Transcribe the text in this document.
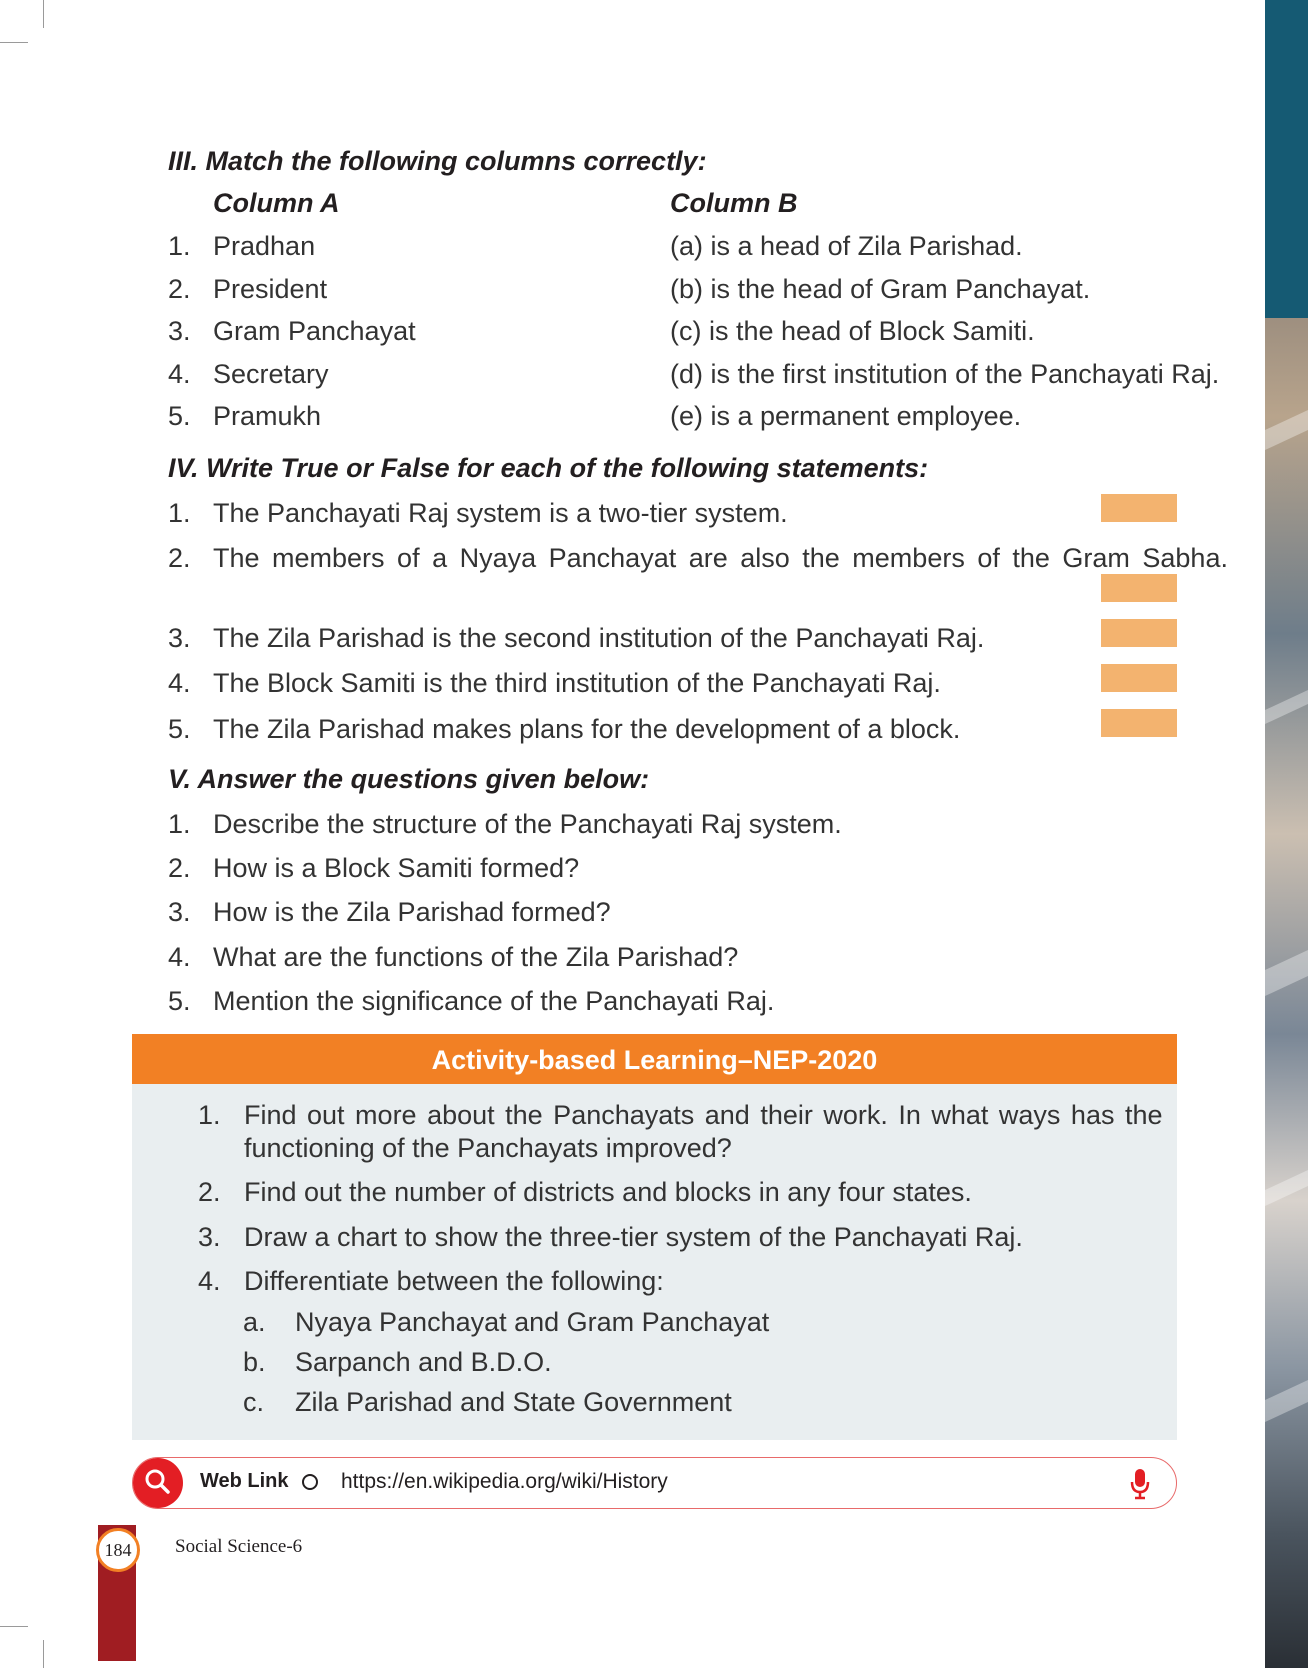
III. Match the following columns correctly:
Column A	Column B
1. Pradhan	(a) is a head of Zila Parishad.
2. President	(b) is the head of Gram Panchayat.
3. Gram Panchayat	(c) is the head of Block Samiti.
4. Secretary	(d) is the first institution of the Panchayati Raj.
5. Pramukh	(e) is a permanent employee.
IV. Write True or False for each of the following statements:
1. The Panchayati Raj system is a two-tier system.
2. The members of a Nyaya Panchayat are also the members of the Gram Sabha.
3. The Zila Parishad is the second institution of the Panchayati Raj.
4. The Block Samiti is the third institution of the Panchayati Raj.
5. The Zila Parishad makes plans for the development of a block.
V. Answer the questions given below:
1. Describe the structure of the Panchayati Raj system.
2. How is a Block Samiti formed?
3. How is the Zila Parishad formed?
4. What are the functions of the Zila Parishad?
5. Mention the significance of the Panchayati Raj.
Activity-based Learning–NEP-2020
1. Find out more about the Panchayats and their work. In what ways has the
functioning of the Panchayats improved?
2. Find out the number of districts and blocks in any four states.
3. Draw a chart to show the three-tier system of the Panchayati Raj.
4. Differentiate between the following:
a. Nyaya Panchayat and Gram Panchayat
b. Sarpanch and B.D.O.
c. Zila Parishad and State Government
Web Link https://en.wikipedia.org/wiki/History
184	Social Science-6
